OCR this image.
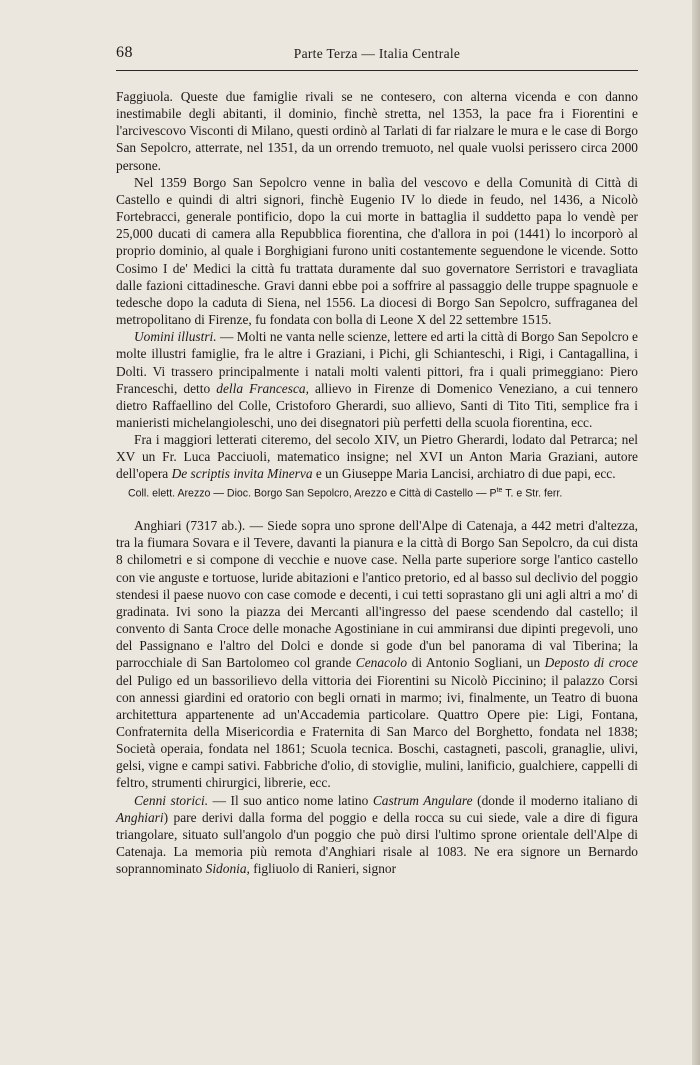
68	Parte Terza — Italia Centrale

Faggiuola. Queste due famiglie rivali se ne contesero, con alterna vicenda e con danno inestimabile degli abitanti, il dominio, finchè stretta, nel 1353, la pace fra i Fiorentini e l'arcivescovo Visconti di Milano, questi ordinò al Tarlati di far rialzare le mura e le case di Borgo San Sepolcro, atterrate, nel 1351, da un orrendo tremuoto, nel quale vuolsi perissero circa 2000 persone.

Nel 1359 Borgo San Sepolcro venne in balìa del vescovo e della Comunità di Città di Castello e quindi di altri signori, finchè Eugenio IV lo diede in feudo, nel 1436, a Nicolò Fortebracci, generale pontificio, dopo la cui morte in battaglia il suddetto papa lo vendè per 25,000 ducati di camera alla Repubblica fiorentina, che d'allora in poi (1441) lo incorporò al proprio dominio, al quale i Borghigiani furono uniti costantemente seguendone le vicende. Sotto Cosimo I de' Medici la città fu trattata duramente dal suo governatore Serristori e travagliata dalle fazioni cittadinesche. Gravi danni ebbe poi a soffrire al passaggio delle truppe spagnuole e tedesche dopo la caduta di Siena, nel 1556. La diocesi di Borgo San Sepolcro, suffraganea del metropolitano di Firenze, fu fondata con bolla di Leone X del 22 settembre 1515.

Uomini illustri. — Molti ne vanta nelle scienze, lettere ed arti la città di Borgo San Sepolcro e molte illustri famiglie, fra le altre i Graziani, i Pichi, gli Schianteschi, i Rigi, i Cantagallina, i Dolti. Vi trassero principalmente i natali molti valenti pittori, fra i quali primeggiano: Piero Franceschi, detto della Francesca, allievo in Firenze di Domenico Veneziano, a cui tennero dietro Raffaellino del Colle, Cristoforo Gherardi, suo allievo, Santi di Tito Titi, semplice fra i manieristi michelangioleschi, uno dei disegnatori più perfetti della scuola fiorentina, ecc.

Fra i maggiori letterati citeremo, del secolo XIV, un Pietro Gherardi, lodato dal Petrarca; nel XV un Fr. Luca Pacciuoli, matematico insigne; nel XVI un Anton Maria Graziani, autore dell'opera De scriptis invita Minerva e un Giuseppe Maria Lancisi, archiatro di due papi, ecc.

Coll. elett. Arezzo — Dioc. Borgo San Sepolcro, Arezzo e Città di Castello — $P^{te}$ T. e Str. ferr.

Anghiari (7317 ab.). — Siede sopra uno sprone dell'Alpe di Catenaja, a 442 metri d'altezza, tra la fiumara Sovara e il Tevere, davanti la pianura e la città di Borgo San Sepolcro, da cui dista 8 chilometri e si compone di vecchie e nuove case. Nella parte superiore sorge l'antico castello con vie anguste e tortuose, luride abitazioni e l'antico pretorio, ed al basso sul declivio del poggio stendesi il paese nuovo con case comode e decenti, i cui tetti soprastano gli uni agli altri a mo' di gradinata. Ivi sono la piazza dei Mercanti all'ingresso del paese scendendo dal castello; il convento di Santa Croce delle monache Agostiniane in cui ammiransi due dipinti pregevoli, uno del Passignano e l'altro del Dolci e donde si gode d'un bel panorama di val Tiberina; la parrocchiale di San Bartolomeo col grande Cenacolo di Antonio Sogliani, un Deposto di croce del Puligo ed un bassorilievo della vittoria dei Fiorentini su Nicolò Piccinino; il palazzo Corsi con annessi giardini ed oratorio con begli ornati in marmo; ivi, finalmente, un Teatro di buona architettura appartenente ad un'Accademia particolare. Quattro Opere pie: Ligi, Fontana, Confraternita della Misericordia e Fraternita di San Marco del Borghetto, fondata nel 1838; Società operaia, fondata nel 1861; Scuola tecnica. Boschi, castagneti, pascoli, granaglie, ulivi, gelsi, vigne e campi sativi. Fabbriche d'olio, di stoviglie, mulini, lanificio, gualchiere, cappelli di feltro, strumenti chirurgici, librerie, ecc.

Cenni storici. — Il suo antico nome latino Castrum Angulare (donde il moderno italiano di Anghiari) pare derivi dalla forma del poggio e della rocca su cui siede, vale a dire di figura triangolare, situato sull'angolo d'un poggio che può dirsi l'ultimo sprone orientale dell'Alpe di Catenaja. La memoria più remota d'Anghiari risale al 1083. Ne era signore un Bernardo soprannominato Sidonia, figliuolo di Ranieri, signor
